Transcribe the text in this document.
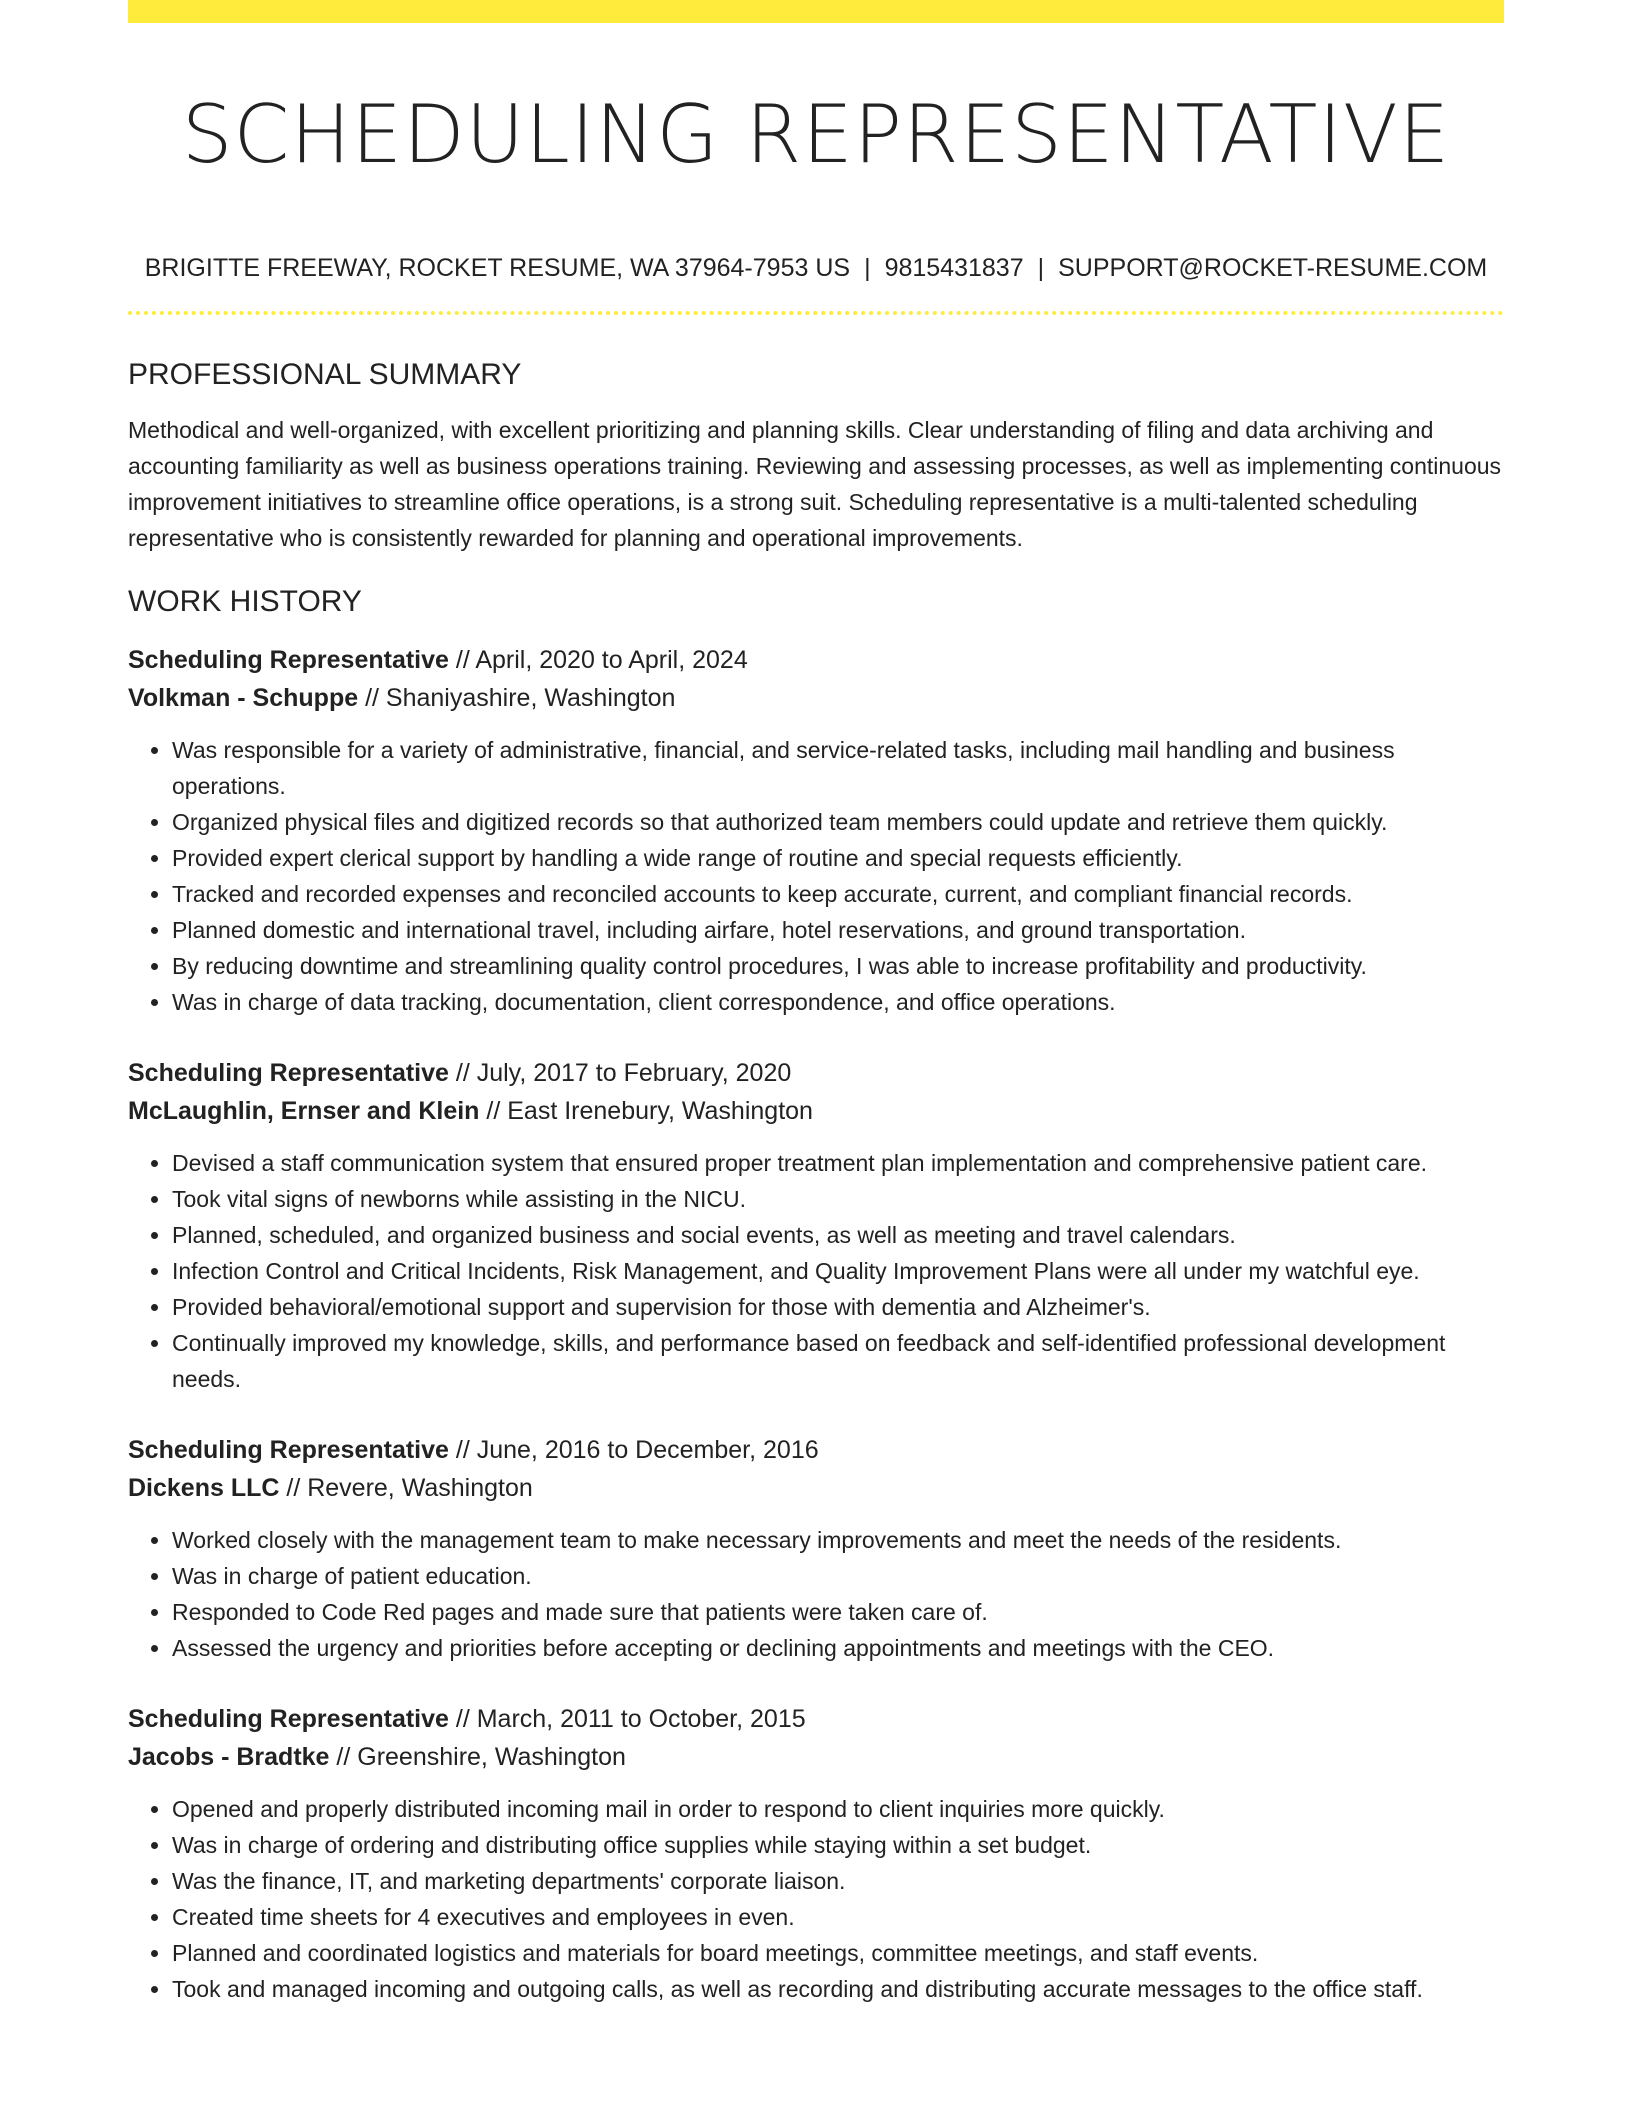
SCHEDULING REPRESENTATIVE
BRIGITTE FREEWAY, ROCKET RESUME, WA 37964-7953 US | 9815431837 | SUPPORT@ROCKET-RESUME.COM
PROFESSIONAL SUMMARY
Methodical and well-organized, with excellent prioritizing and planning skills. Clear understanding of filing and data archiving and accounting familiarity as well as business operations training. Reviewing and assessing processes, as well as implementing continuous improvement initiatives to streamline office operations, is a strong suit. Scheduling representative is a multi-talented scheduling representative who is consistently rewarded for planning and operational improvements.
WORK HISTORY
Scheduling Representative // April, 2020 to April, 2024
Volkman - Schuppe // Shaniyashire, Washington
• Was responsible for a variety of administrative, financial, and service-related tasks, including mail handling and business operations.
• Organized physical files and digitized records so that authorized team members could update and retrieve them quickly.
• Provided expert clerical support by handling a wide range of routine and special requests efficiently.
• Tracked and recorded expenses and reconciled accounts to keep accurate, current, and compliant financial records.
• Planned domestic and international travel, including airfare, hotel reservations, and ground transportation.
• By reducing downtime and streamlining quality control procedures, I was able to increase profitability and productivity.
• Was in charge of data tracking, documentation, client correspondence, and office operations.
Scheduling Representative // July, 2017 to February, 2020
McLaughlin, Ernser and Klein // East Irenebury, Washington
• Devised a staff communication system that ensured proper treatment plan implementation and comprehensive patient care.
• Took vital signs of newborns while assisting in the NICU.
• Planned, scheduled, and organized business and social events, as well as meeting and travel calendars.
• Infection Control and Critical Incidents, Risk Management, and Quality Improvement Plans were all under my watchful eye.
• Provided behavioral/emotional support and supervision for those with dementia and Alzheimer's.
• Continually improved my knowledge, skills, and performance based on feedback and self-identified professional development needs.
Scheduling Representative // June, 2016 to December, 2016
Dickens LLC // Revere, Washington
• Worked closely with the management team to make necessary improvements and meet the needs of the residents.
• Was in charge of patient education.
• Responded to Code Red pages and made sure that patients were taken care of.
• Assessed the urgency and priorities before accepting or declining appointments and meetings with the CEO.
Scheduling Representative // March, 2011 to October, 2015
Jacobs - Bradtke // Greenshire, Washington
• Opened and properly distributed incoming mail in order to respond to client inquiries more quickly.
• Was in charge of ordering and distributing office supplies while staying within a set budget.
• Was the finance, IT, and marketing departments' corporate liaison.
• Created time sheets for 4 executives and employees in even.
• Planned and coordinated logistics and materials for board meetings, committee meetings, and staff events.
• Took and managed incoming and outgoing calls, as well as recording and distributing accurate messages to the office staff.
